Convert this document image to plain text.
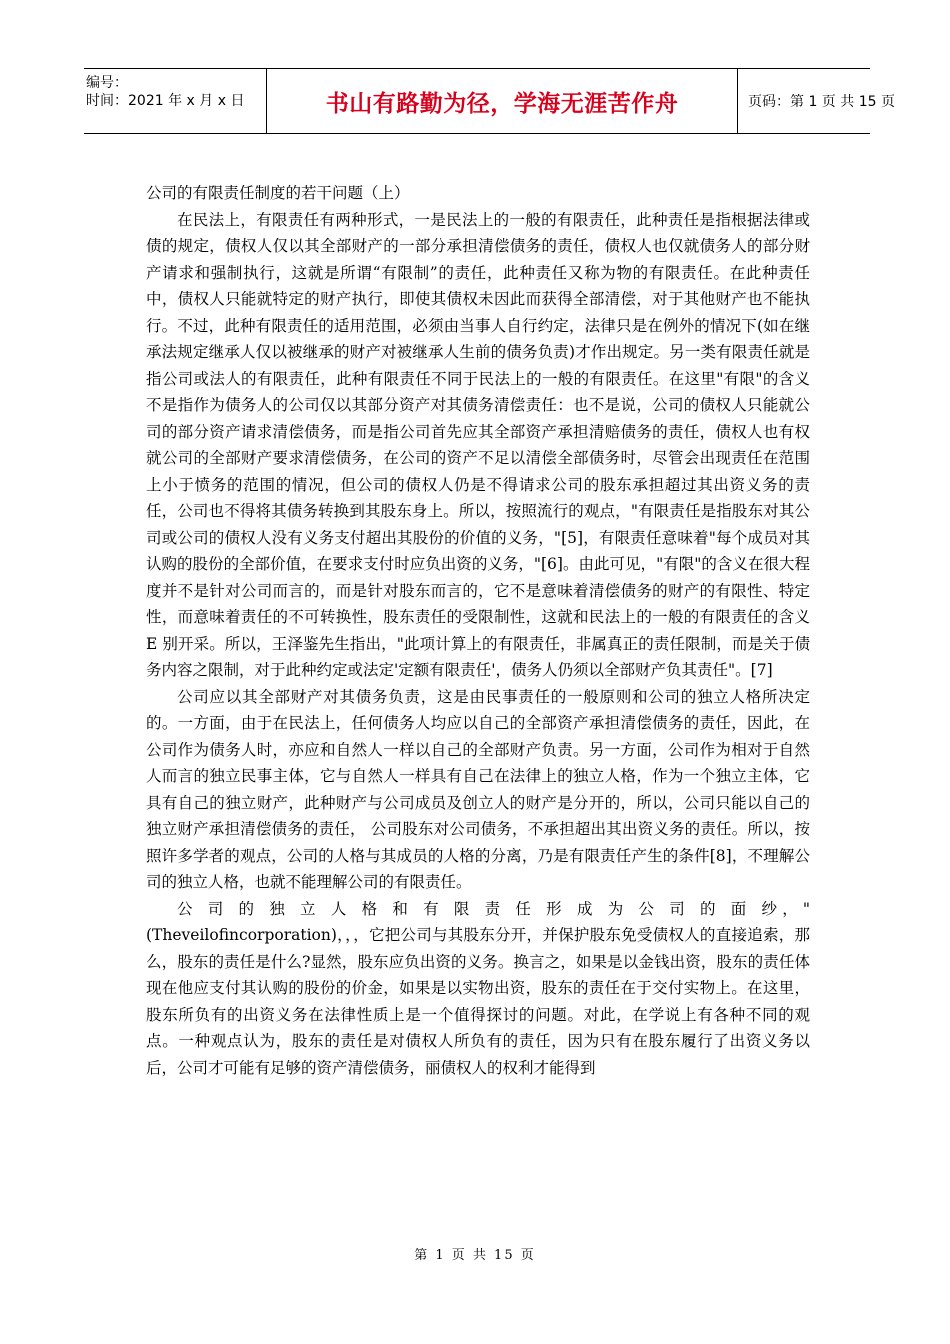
编号：
时间：2021 年 x 月 x 日	书山有路勤为径，学海无涯苦作舟	页码：第 1 页 共 15 页
公司的有限责任制度的若干问题（上）

在民法上，有限责任有两种形式，一是民法上的一般的有限责任，此种责任是指根据法律或债的规定，债权人仅以其全部财产的一部分承担清偿债务的责任，债权人也仅就债务人的部分财产请求和强制执行，这就是所谓“有限制”的责任，此种责任又称为物的有限责任。在此种责任中，债权人只能就特定的财产执行，即使其债权未因此而获得全部清偿，对于其他财产也不能执行。不过，此种有限责任的适用范围，必须由当事人自行约定，法律只是在例外的情况下(如在继承法规定继承人仅以被继承的财产对被继承人生前的债务负责)才作出规定。另一类有限责任就是指公司或法人的有限责任，此种有限责任不同于民法上的一般的有限责任。在这里"有限"的含义不是指作为债务人的公司仅以其部分资产对其债务清偿责任：也不是说，公司的债权人只能就公司的部分资产请求清偿债务，而是指公司首先应其全部资产承担清赔债务的责任，债权人也有权就公司的全部财产要求清偿债务，在公司的资产不足以清偿全部债务时，尽管会出现责任在范围上小于愤务的范围的情况，但公司的债权人仍是不得请求公司的股东承担超过其出资义务的责任，公司也不得将其债务转换到其股东身上。所以，按照流行的观点，"有限责任是指股东对其公司或公司的债权人没有义务支付超出其股份的价值的义务，"[5]，有限责任意味着"每个成员对其认购的股份的全部价值，在要求支付时应负出资的义务，"[6]。由此可见，"有限"的含义在很大程度并不是针对公司而言的，而是针对股东而言的，它不是意味着清偿债务的财产的有限性、特定性，而意味着责任的不可转换性，股东责任的受限制性，这就和民法上的一般的有限责任的含义 E 别开采。所以，王泽鉴先生指出，"此项计算上的有限责任，非属真正的责任限制，而是关于债务内容之限制，对于此种约定或法定'定额有限责任'，债务人仍须以全部财产负其责任"。[7]

公司应以其全部财产对其债务负责，这是由民事责任的一般原则和公司的独立人格所决定的。一方面，由于在民法上，任何债务人均应以自己的全部资产承担清偿债务的责任，因此，在公司作为债务人时，亦应和自然人一样以自己的全部财产负责。另一方面，公司作为相对于自然人而言的独立民事主体，它与自然人一样具有自己在法律上的独立人格，作为一个独立主体，它具有自己的独立财产，此种财产与公司成员及创立人的财产是分开的，所以，公司只能以自己的独立财产承担清偿债务的责任， 公司股东对公司债务，不承担超出其出资义务的责任。所以，按照许多学者的观点，公司的人格与其成员的人格的分离，乃是有限责任产生的条件[8]，不理解公司的独立人格，也就不能理解公司的有限责任。

公 司 的 独 立 人 格 和 有 限 责 任 形 成 为 公 司 的 面 纱，"(Theveilofincorporation)，，，它把公司与其股东分开，并保护股东免受债权人的直接追索，那么，股东的责任是什么?显然，股东应负出资的义务。换言之，如果是以金钱出资，股东的责任体现在他应支付其认购的股份的价金，如果是以实物出资，股东的责任在于交付实物上。在这里，股东所负有的出资义务在法律性质上是一个值得探讨的问题。对此，在学说上有各种不同的观点。一种观点认为，股东的责任是对债权人所负有的责任，因为只有在股东履行了出资义务以后，公司才可能有足够的资产清偿债务，丽债权人的权利才能得到

第 1 页 共 15 页
